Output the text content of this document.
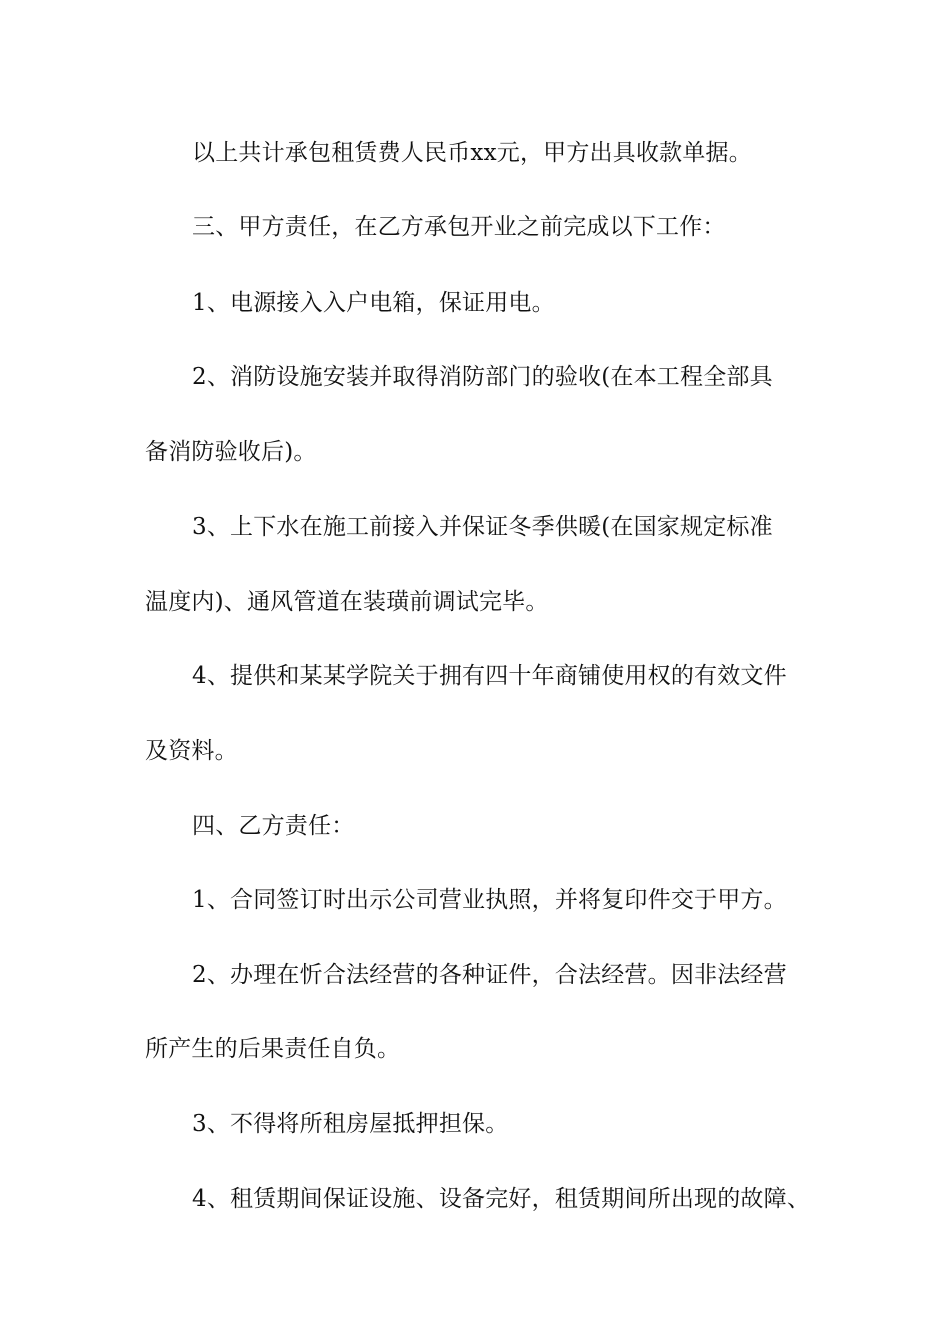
以上共计承包租赁费人民币xx元，甲方出具收款单据。
三、甲方责任，在乙方承包开业之前完成以下工作：
1、电源接入入户电箱，保证用电。
2、消防设施安装并取得消防部门的验收(在本工程全部具
备消防验收后)。
3、上下水在施工前接入并保证冬季供暖(在国家规定标准
温度内)、通风管道在装璜前调试完毕。
4、提供和某某学院关于拥有四十年商铺使用权的有效文件
及资料。
四、乙方责任：
1、合同签订时出示公司营业执照，并将复印件交于甲方。
2、办理在忻合法经营的各种证件，合法经营。因非法经营
所产生的后果责任自负。
3、不得将所租房屋抵押担保。
4、租赁期间保证设施、设备完好，租赁期间所出现的故障、
